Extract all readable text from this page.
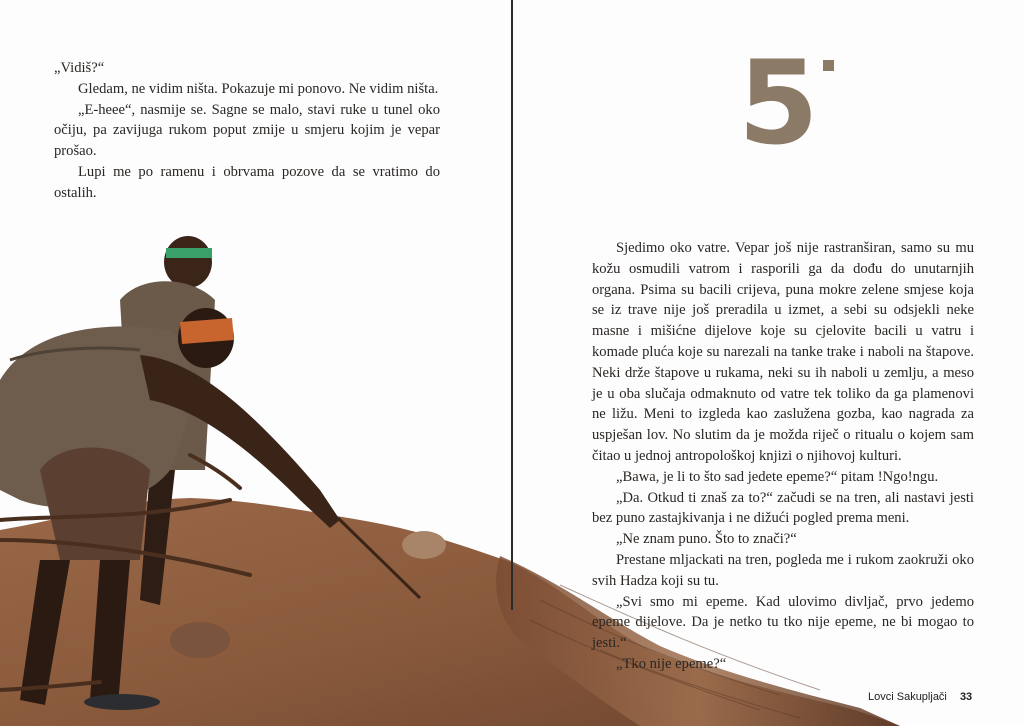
„Vidiš?“

Gledam, ne vidim ništa. Pokazuje mi ponovo. Ne vidim ništa.

„E-heee“, nasmije se. Sagne se malo, stavi ruke u tunel oko očiju, pa zavijuga rukom poput zmije u smjeru kojim je vepar prošao.

Lupi me po ramenu i obrvama pozove da se vratimo do ostalih.

5

Sjedimo oko vatre. Vepar još nije rastranširan, samo su mu kožu osmudili vatrom i rasporili ga da dođu do unutarnjih organa. Psima su bacili crijeva, puna mokre zelene smjese koja se iz trave nije još preradila u izmet, a sebi su odsjekli neke masne i mišićne dijelove koje su cjelovite bacili u vatru i komade pluća koje su narezali na tanke trake i naboli na štapove. Neki drže štapove u rukama, neki su ih naboli u zemlju, a meso je u oba slučaja odmaknuto od vatre tek toliko da ga plamenovi ne ližu. Meni to izgleda kao zaslužena gozba, kao nagrada za uspješan lov. No slutim da je možda riječ o ritualu o kojem sam čitao u jednoj antropološkoj knjizi o njihovoj kulturi.

„Bawa, je li to što sad jedete epeme?“ pitam !Ngo!ngu.

„Da. Otkud ti znaš za to?“ začudi se na tren, ali nastavi jesti bez puno zastajkivanja i ne dižući pogled prema meni.

„Ne znam puno. Što to znači?“

Prestane mljackati na tren, pogleda me i rukom zaokruži oko svih Hadza koji su tu.

„Svi smo mi epeme. Kad ulovimo divljač, prvo jedemo epeme dijelove. Da je netko tu tko nije epeme, ne bi mogao to jesti.“

„Tko nije epeme?“

Lovci Sakupljači 33
